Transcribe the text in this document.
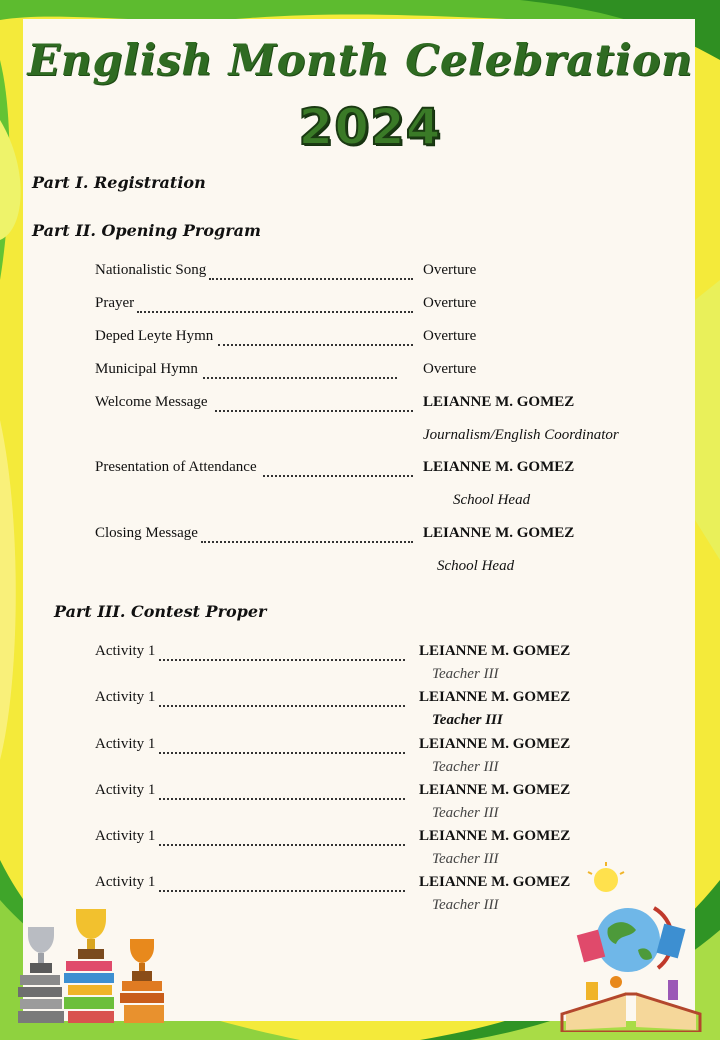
English Month Celebration
2024
Part I. Registration
Part II. Opening Program
Part III. Contest Proper
Nationalistic Song	Overture
Prayer	Overture
Deped Leyte Hymn	Overture
Municipal Hymn	Overture
Welcome Message	LEIANNE M. GOMEZ
Journalism/English Coordinator
Presentation of Attendance	LEIANNE M. GOMEZ
School Head
Closing Message	LEIANNE M. GOMEZ
School Head
Activity 1	LEIANNE M. GOMEZ
Teacher III
Activity 1	LEIANNE M. GOMEZ
Teacher III
Activity 1	LEIANNE M. GOMEZ
Teacher III
Activity 1	LEIANNE M. GOMEZ
Teacher III
Activity 1	LEIANNE M. GOMEZ
Teacher III
Activity 1	LEIANNE M. GOMEZ
Teacher III
